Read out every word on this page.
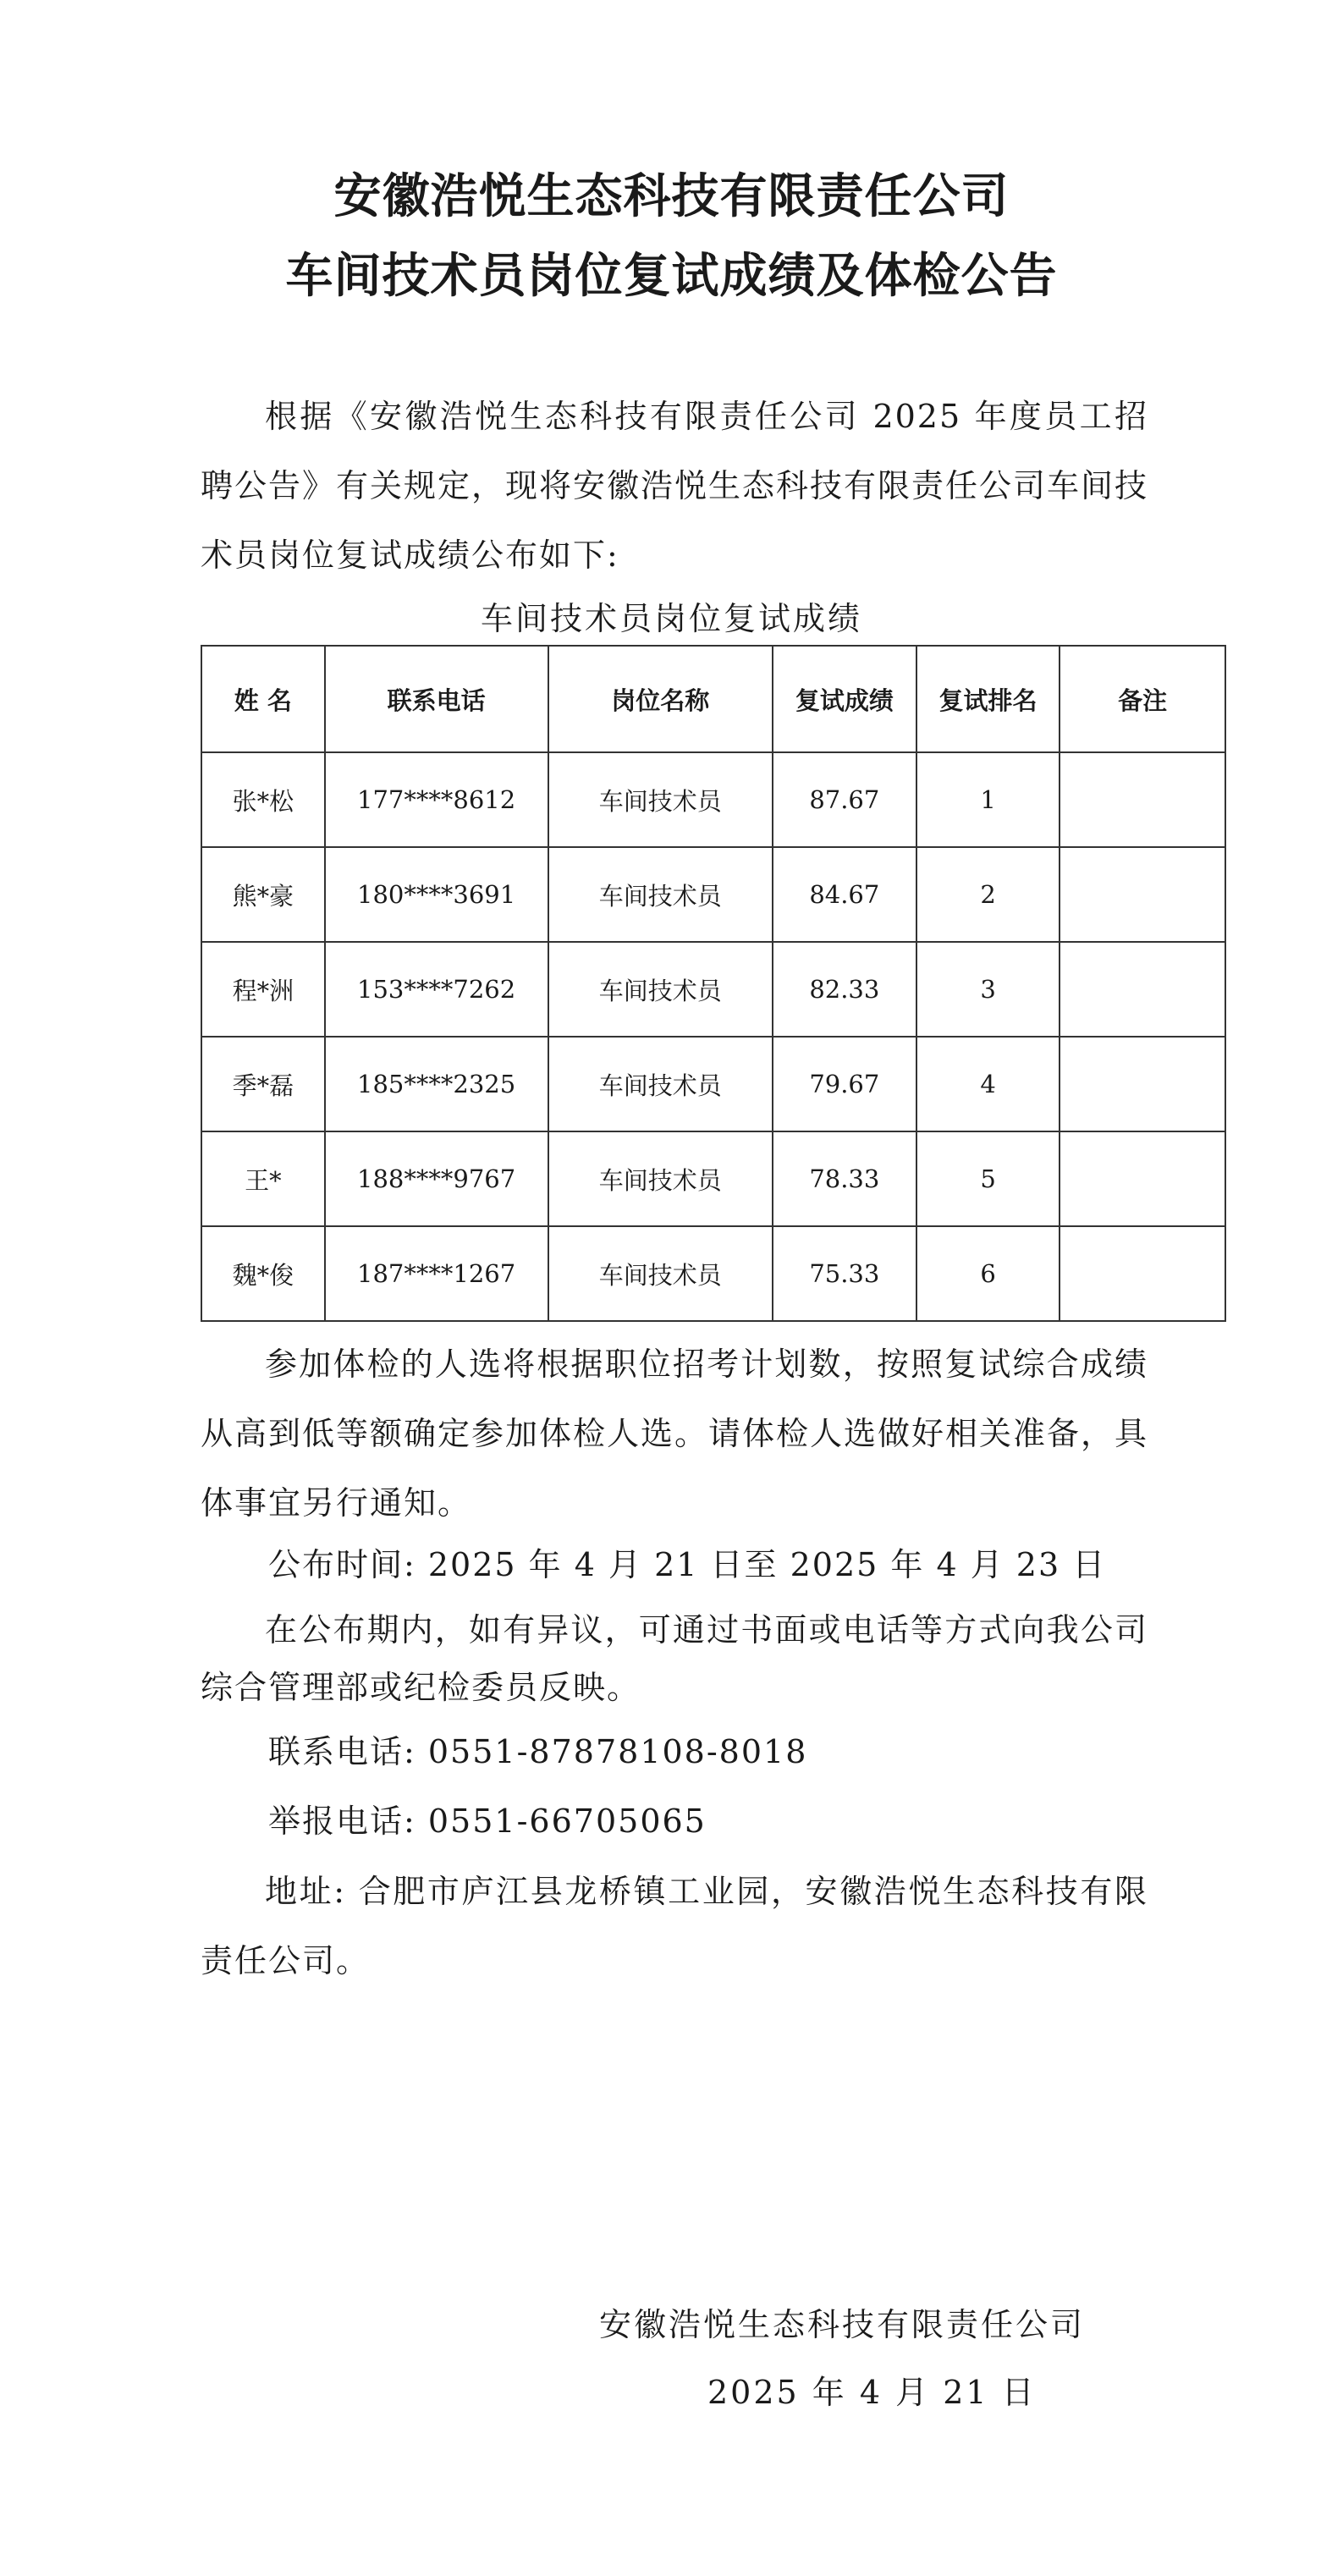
安徽浩悦生态科技有限责任公司
车间技术员岗位复试成绩及体检公告

根据《安徽浩悦生态科技有限责任公司 2025 年度员工招聘公告》有关规定，现将安徽浩悦生态科技有限责任公司车间技术员岗位复试成绩公布如下:

车间技术员岗位复试成绩

姓 名	联系电话	岗位名称	复试成绩	复试排名	备注
张*松	177****8612	车间技术员	87.67	1	
熊*豪	180****3691	车间技术员	84.67	2	
程*洲	153****7262	车间技术员	82.33	3	
季*磊	185****2325	车间技术员	79.67	4	
王*	188****9767	车间技术员	78.33	5	
魏*俊	187****1267	车间技术员	75.33	6	

参加体检的人选将根据职位招考计划数，按照复试综合成绩从高到低等额确定参加体检人选。请体检人选做好相关准备，具体事宜另行通知。

公布时间: 2025 年 4 月 21 日至 2025 年 4 月 23 日

在公布期内，如有异议，可通过书面或电话等方式向我公司综合管理部或纪检委员反映。

联系电话: 0551-87878108-8018

举报电话: 0551-66705065

地址: 合肥市庐江县龙桥镇工业园，安徽浩悦生态科技有限责任公司。

安徽浩悦生态科技有限责任公司

2025 年 4 月 21 日
